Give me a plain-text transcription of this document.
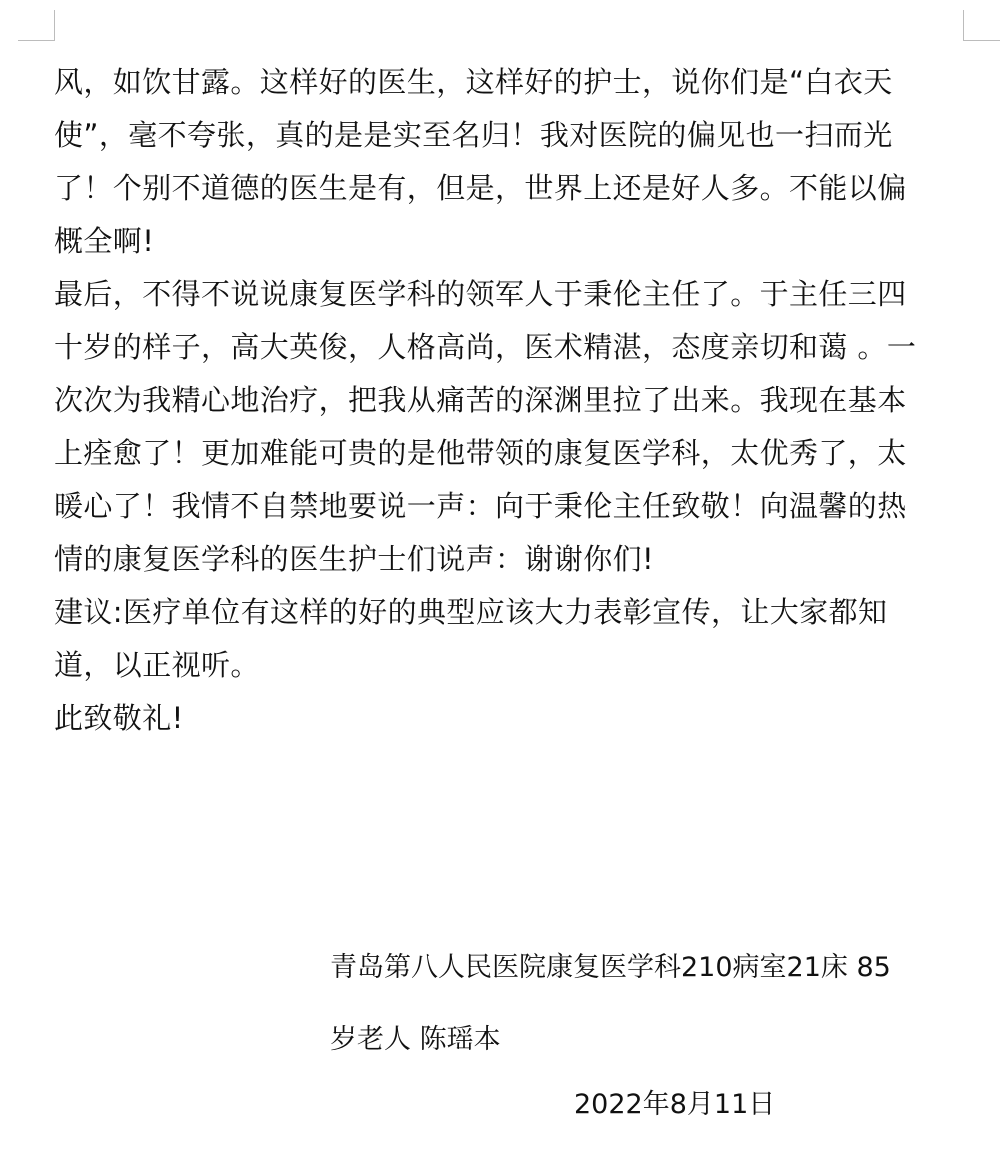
风，如饮甘露。这样好的医生，这样好的护士，说你们是“白衣天
使”，毫不夸张，真的是是实至名归！我对医院的偏见也一扫而光
了！个别不道德的医生是有，但是，世界上还是好人多。不能以偏
概全啊!

最后，不得不说说康复医学科的领军人于秉伦主任了。于主任三四
十岁的样子，高大英俊，人格高尚，医术精湛，态度亲切和蔼 。一
次次为我精心地治疗，把我从痛苦的深渊里拉了出来。我现在基本
上痊愈了！更加难能可贵的是他带领的康复医学科，太优秀了，太
暖心了！我情不自禁地要说一声：向于秉伦主任致敬！向温馨的热
情的康复医学科的医生护士们说声：谢谢你们!

建议:医疗单位有这样的好的典型应该大力表彰宣传，让大家都知
道，以正视听。

此致敬礼!

青岛第八人民医院康复医学科210病室21床 85
岁老人 陈瑶本
2022年8月11日
